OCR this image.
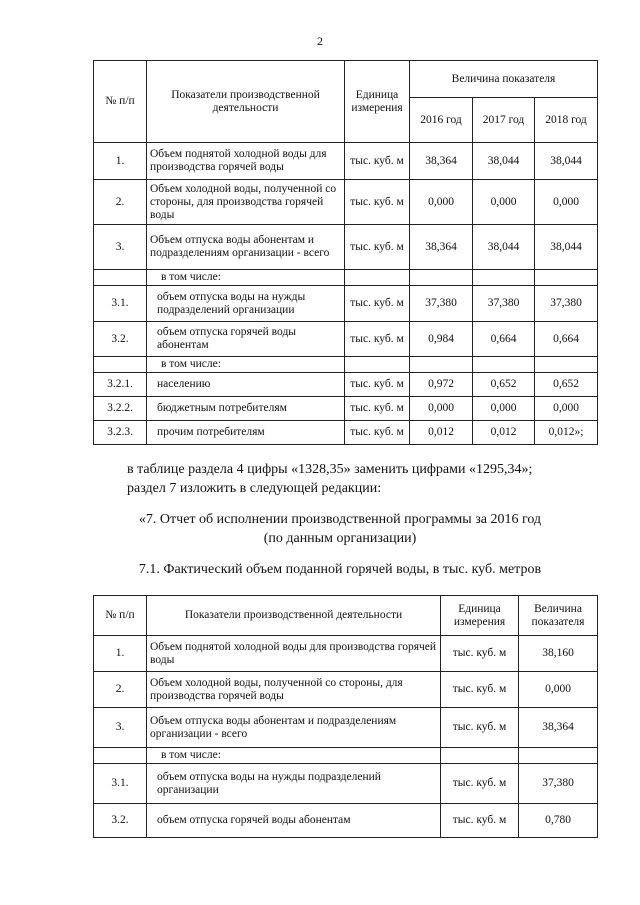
2
№ п/п	Показатели производственной деятельности	Единица измерения	Величина показателя		
			2016 год	2017 год	2018 год
1.	Объем поднятой холодной воды для производства горячей воды	тыс. куб. м	38,364	38,044	38,044
2.	Объем холодной воды, полученной со стороны, для производства горячей воды	тыс. куб. м	0,000	0,000	0,000
3.	Объем отпуска воды абонентам и подразделениям организации - всего	тыс. куб. м	38,364	38,044	38,044
	в том числе:				
3.1.	объем отпуска воды на нужды подразделений организации	тыс. куб. м	37,380	37,380	37,380
3.2.	объем отпуска горячей воды абонентам	тыс. куб. м	0,984	0,664	0,664
	в том числе:				
3.2.1.	населению	тыс. куб. м	0,972	0,652	0,652
3.2.2.	бюджетным потребителям	тыс. куб. м	0,000	0,000	0,000
3.2.3.	прочим потребителям	тыс. куб. м	0,012	0,012	0,012»;
в таблице раздела 4 цифры «1328,35» заменить цифрами «1295,34»;
раздел 7 изложить в следующей редакции:
«7. Отчет об исполнении производственной программы за 2016 год
(по данным организации)
7.1. Фактический объем поданной горячей воды, в тыс. куб. метров
№ п/п	Показатели производственной деятельности	Единица измерения	Величина показателя
1.	Объем поднятой холодной воды для производства горячей воды	тыс. куб. м	38,160
2.	Объем холодной воды, полученной со стороны, для производства горячей воды	тыс. куб. м	0,000
3.	Объем отпуска воды абонентам и подразделениям организации - всего	тыс. куб. м	38,364
	в том числе:		
3.1.	объем отпуска воды на нужды подразделений организации	тыс. куб. м	37,380
3.2.	объем отпуска горячей воды абонентам	тыс. куб. м	0,780
